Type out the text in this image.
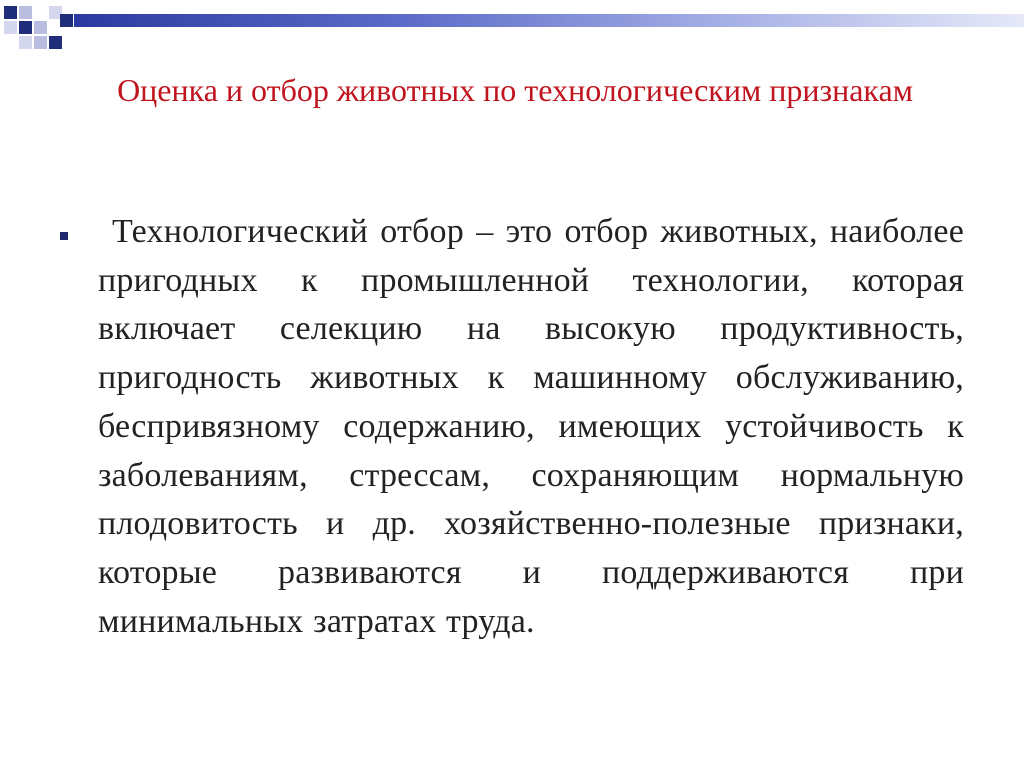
Оценка и отбор животных по технологическим признакам
Технологический отбор – это отбор животных, наиболее пригодных к промышленной технологии, которая включает селекцию на высокую продуктивность, пригодность животных к машинному обслуживанию, беспривязному содержанию, имеющих устойчивость к заболеваниям, стрессам, сохраняющим нормальную плодовитость и др. хозяйственно-полезные признаки, которые развиваются и поддерживаются при минимальных затратах труда.
